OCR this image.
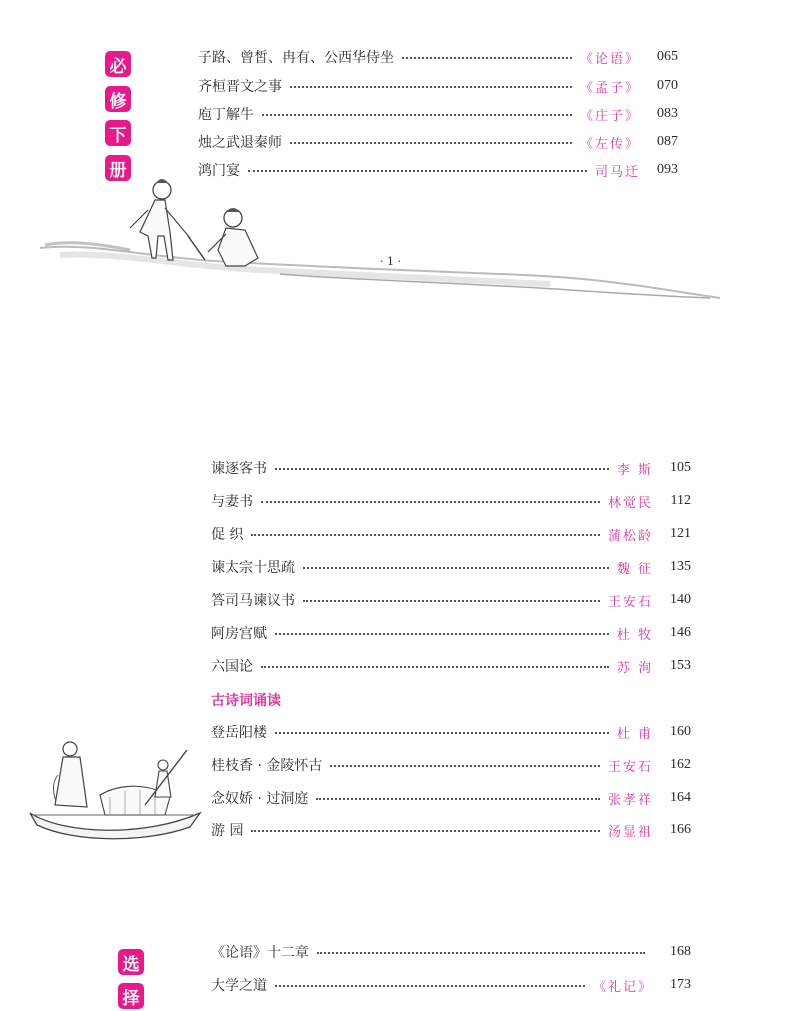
必
修
下
册
子路、曾皙、冉有、公西华侍坐	《论语》	065
齐桓晋文之事	《孟子》	070
庖丁解牛	《庄子》	083
烛之武退秦师	《左传》	087
鸿门宴	司马迁	093
· 1 ·
谏逐客书	李 斯	105
与妻书	林觉民	112
促 织	蒲松龄	121
谏太宗十思疏	魏 征	135
答司马谏议书	王安石	140
阿房宫赋	杜 牧	146
六国论	苏 洵	153
古诗词诵读
登岳阳楼	杜 甫	160
桂枝香 · 金陵怀古	王安石	162
念奴娇 · 过洞庭	张孝祥	164
游 园	汤显祖	166
选
择
《论语》十二章	168
大学之道	《礼记》	173
